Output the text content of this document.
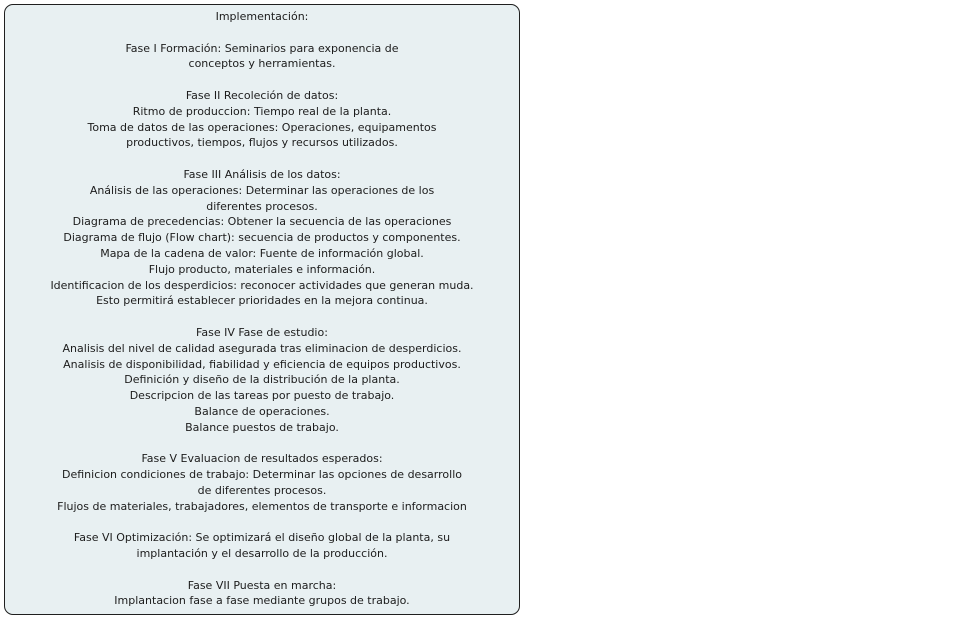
Implementación:
Fase I Formación: Seminarios para exponencia de
conceptos y herramientas.
Fase II Recoleción de datos:
Ritmo de produccion: Tiempo real de la planta.
Toma de datos de las operaciones: Operaciones, equipamentos
productivos, tiempos, flujos y recursos utilizados.
Fase III Análisis de los datos:
Análisis de las operaciones: Determinar las operaciones de los
diferentes procesos.
Diagrama de precedencias: Obtener la secuencia de las operaciones
Diagrama de flujo (Flow chart): secuencia de productos y componentes.
Mapa de la cadena de valor: Fuente de información global.
Flujo producto, materiales e información.
Identificacion de los desperdicios: reconocer actividades que generan muda.
Esto permitirá establecer prioridades en la mejora continua.
Fase IV Fase de estudio:
Analisis del nivel de calidad asegurada tras eliminacion de desperdicios.
Analisis de disponibilidad, fiabilidad y eficiencia de equipos productivos.
Definición y diseño de la distribución de la planta.
Descripcion de las tareas por puesto de trabajo.
Balance de operaciones.
Balance puestos de trabajo.
Fase V Evaluacion de resultados esperados:
Definicion condiciones de trabajo: Determinar las opciones de desarrollo
de diferentes procesos.
Flujos de materiales, trabajadores, elementos de transporte e informacion
Fase VI Optimización: Se optimizará el diseño global de la planta, su
implantación y el desarrollo de la producción.
Fase VII Puesta en marcha:
Implantacion fase a fase mediante grupos de trabajo.
